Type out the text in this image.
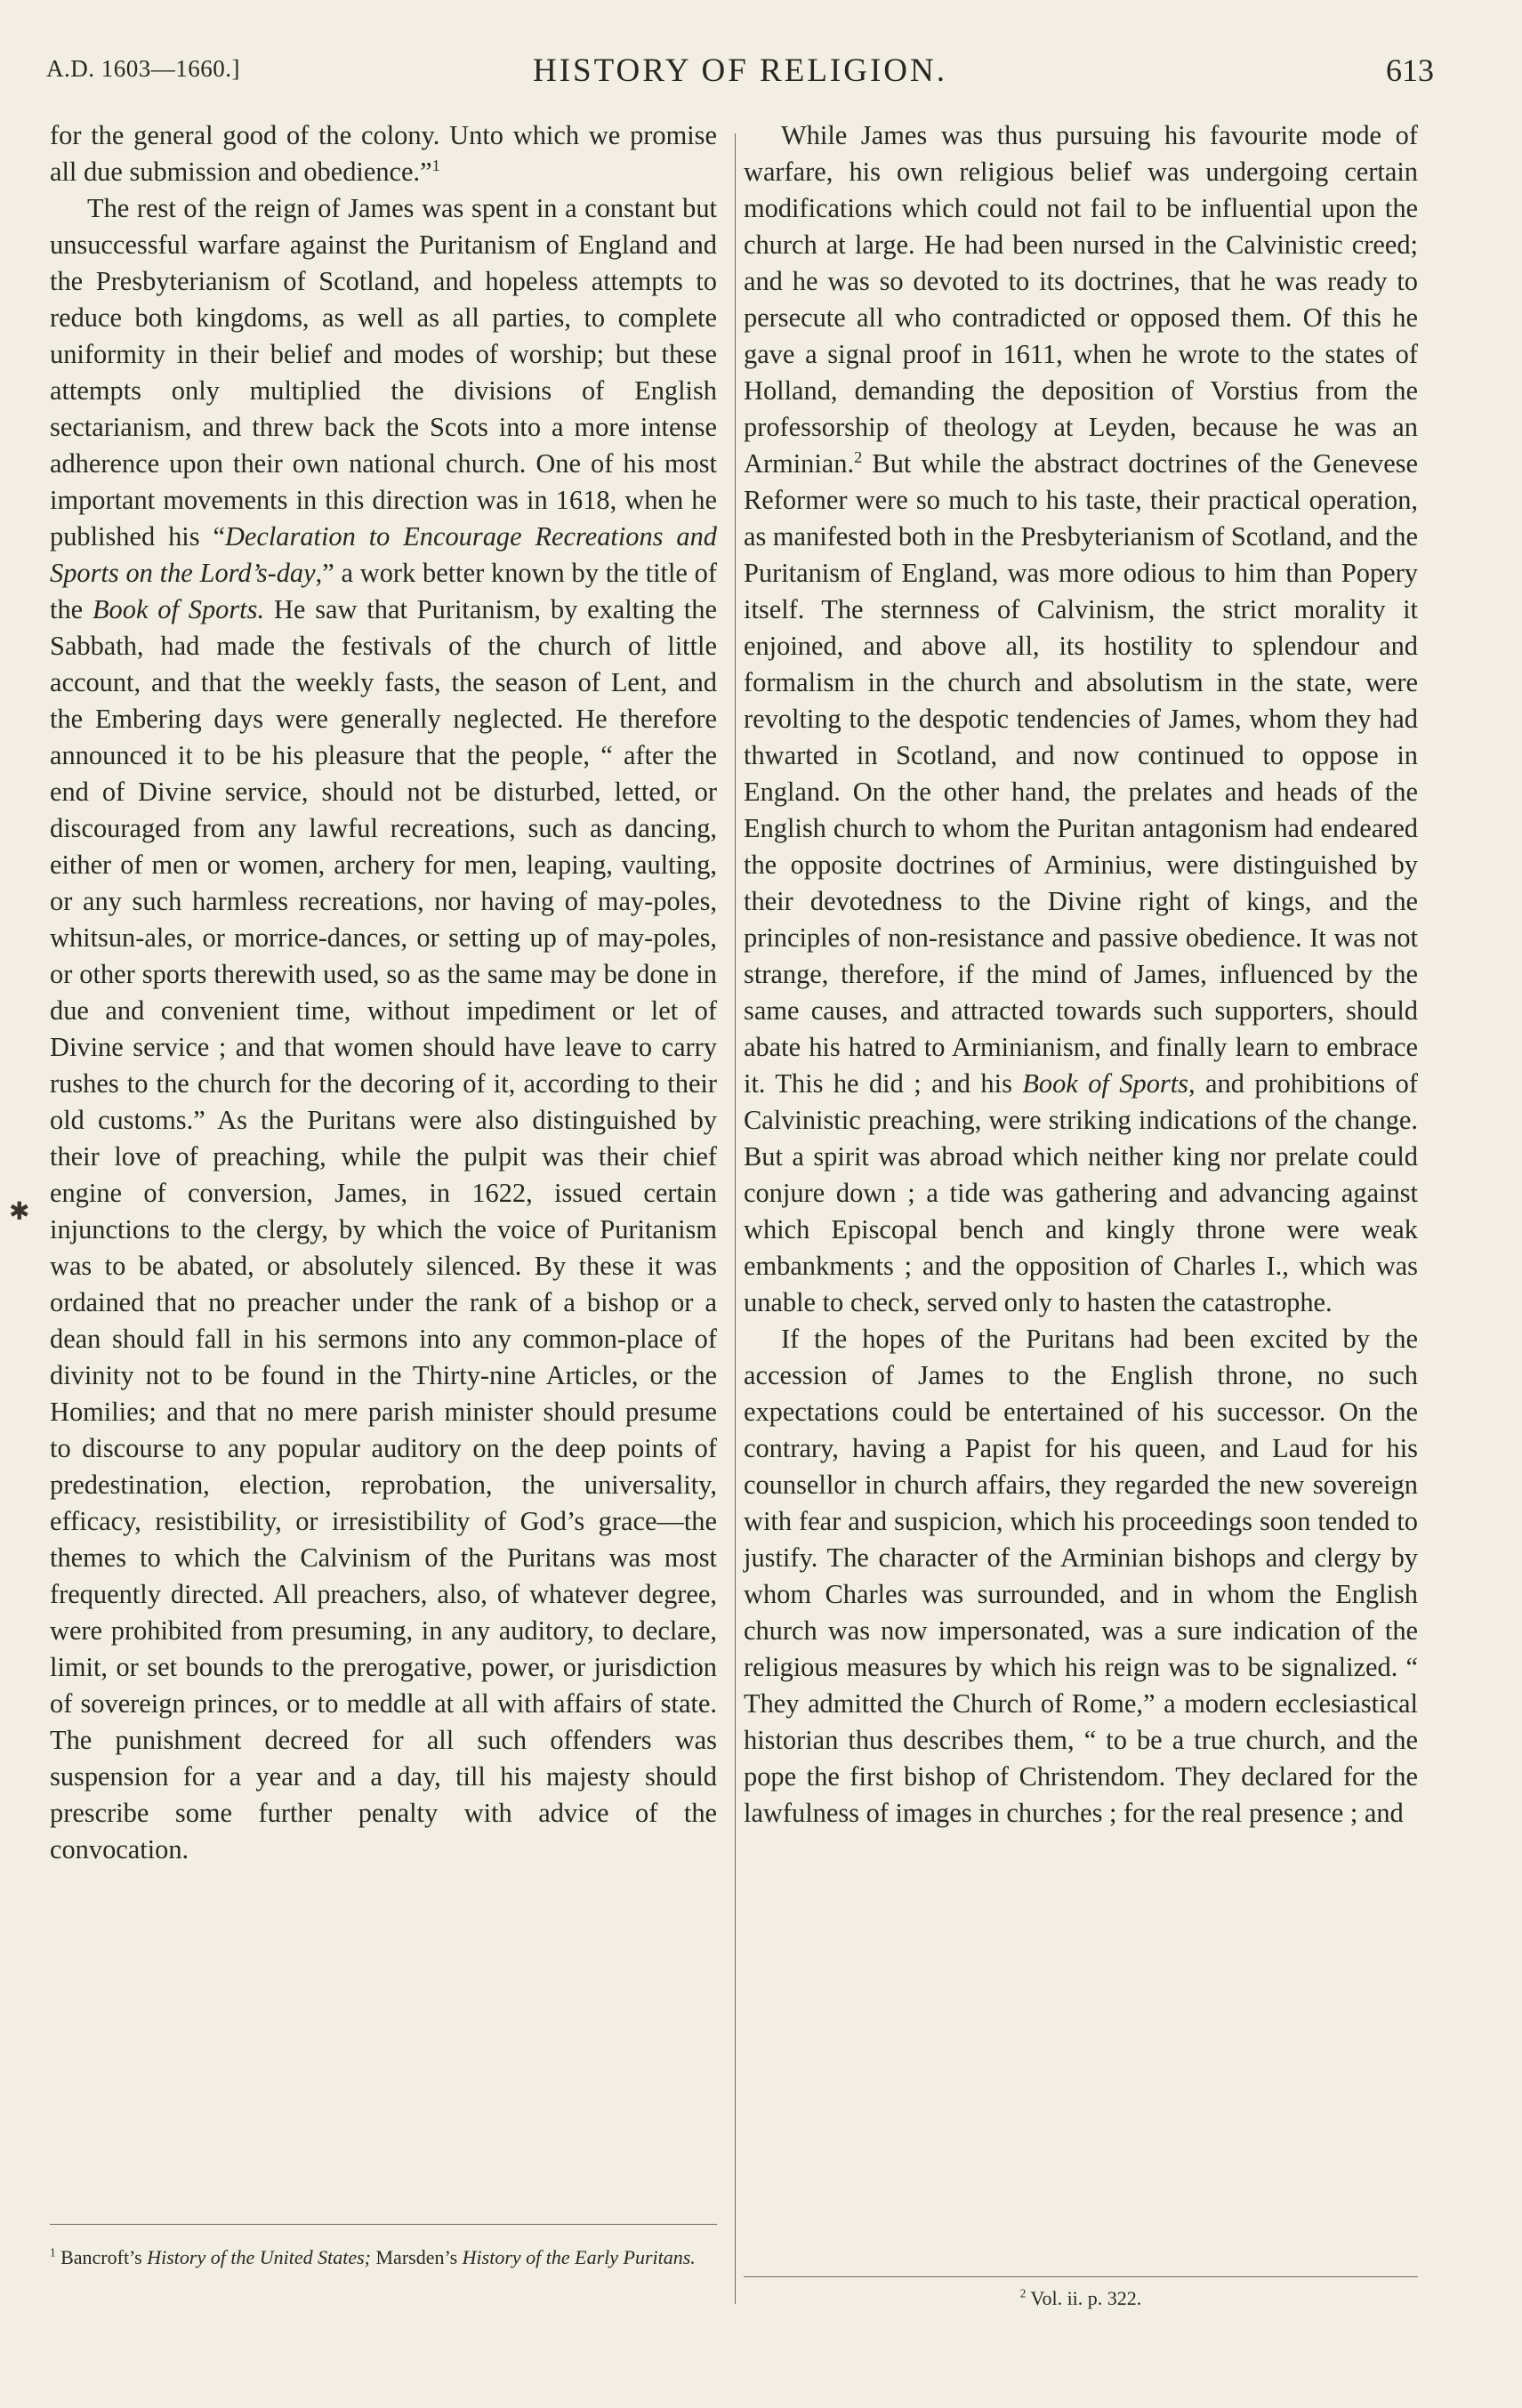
A.D. 1603—1660.]	HISTORY OF RELIGION.	613
✱

for the general good of the colony. Unto which we promise all due submission and obedience.”$^1$

The rest of the reign of James was spent in a constant but unsuccessful warfare against the Puritanism of England and the Presbyterianism of Scotland, and hopeless attempts to reduce both kingdoms, as well as all parties, to complete uniformity in their belief and modes of worship; but these attempts only multiplied the divisions of English sectarianism, and threw back the Scots into a more intense adherence upon their own national church. One of his most important movements in this direction was in 1618, when he published his “Declaration to Encourage Recreations and Sports on the Lord’s-day,” a work better known by the title of the Book of Sports. He saw that Puritanism, by exalting the Sabbath, had made the festivals of the church of little account, and that the weekly fasts, the season of Lent, and the Embering days were generally neglected. He therefore announced it to be his pleasure that the people, “ after the end of Divine service, should not be disturbed, letted, or discouraged from any lawful recreations, such as dancing, either of men or women, archery for men, leaping, vaulting, or any such harmless recreations, nor having of may-poles, whitsun-ales, or morrice-dances, or setting up of may-poles, or other sports therewith used, so as the same may be done in due and convenient time, without impediment or let of Divine service ; and that women should have leave to carry rushes to the church for the decoring of it, according to their old customs.” As the Puritans were also distinguished by their love of preaching, while the pulpit was their chief engine of conversion, James, in 1622, issued certain injunctions to the clergy, by which the voice of Puritanism was to be abated, or absolutely silenced. By these it was ordained that no preacher under the rank of a bishop or a dean should fall in his sermons into any common-place of divinity not to be found in the Thirty-nine Articles, or the Homilies; and that no mere parish minister should presume to discourse to any popular auditory on the deep points of predestination, election, reprobation, the universality, efficacy, resistibility, or irresistibility of God’s grace—the themes to which the Calvinism of the Puritans was most frequently directed. All preachers, also, of whatever degree, were prohibited from presuming, in any auditory, to declare, limit, or set bounds to the prerogative, power, or jurisdiction of sovereign princes, or to meddle at all with affairs of state. The punishment decreed for all such offenders was suspension for a year and a day, till his majesty should prescribe some further penalty with advice of the convocation.

While James was thus pursuing his favourite mode of warfare, his own religious belief was undergoing certain modifications which could not fail to be influential upon the church at large. He had been nursed in the Calvinistic creed; and he was so devoted to its doctrines, that he was ready to persecute all who contradicted or opposed them. Of this he gave a signal proof in 1611, when he wrote to the states of Holland, demanding the deposition of Vorstius from the professorship of theology at Leyden, because he was an Arminian.$^2$ But while the abstract doctrines of the Genevese Reformer were so much to his taste, their practical operation, as manifested both in the Presbyterianism of Scotland, and the Puritanism of England, was more odious to him than Popery itself. The sternness of Calvinism, the strict morality it enjoined, and above all, its hostility to splendour and formalism in the church and absolutism in the state, were revolting to the despotic tendencies of James, whom they had thwarted in Scotland, and now continued to oppose in England. On the other hand, the prelates and heads of the English church to whom the Puritan antagonism had endeared the opposite doctrines of Arminius, were distinguished by their devotedness to the Divine right of kings, and the principles of non-resistance and passive obedience. It was not strange, therefore, if the mind of James, influenced by the same causes, and attracted towards such supporters, should abate his hatred to Arminianism, and finally learn to embrace it. This he did ; and his Book of Sports, and prohibitions of Calvinistic preaching, were striking indications of the change. But a spirit was abroad which neither king nor prelate could conjure down ; a tide was gathering and advancing against which Episcopal bench and kingly throne were weak embankments ; and the opposition of Charles I., which was unable to check, served only to hasten the catastrophe.

If the hopes of the Puritans had been excited by the accession of James to the English throne, no such expectations could be entertained of his successor. On the contrary, having a Papist for his queen, and Laud for his counsellor in church affairs, they regarded the new sovereign with fear and suspicion, which his proceedings soon tended to justify. The character of the Arminian bishops and clergy by whom Charles was surrounded, and in whom the English church was now impersonated, was a sure indication of the religious measures by which his reign was to be signalized. “ They admitted the Church of Rome,” a modern ecclesiastical historian thus describes them, “ to be a true church, and the pope the first bishop of Christendom. They declared for the lawfulness of images in churches ; for the real presence ; and

$^1$ Bancroft’s History of the United States; Marsden’s History of the Early Puritans.
$^2$ Vol. ii. p. 322.
